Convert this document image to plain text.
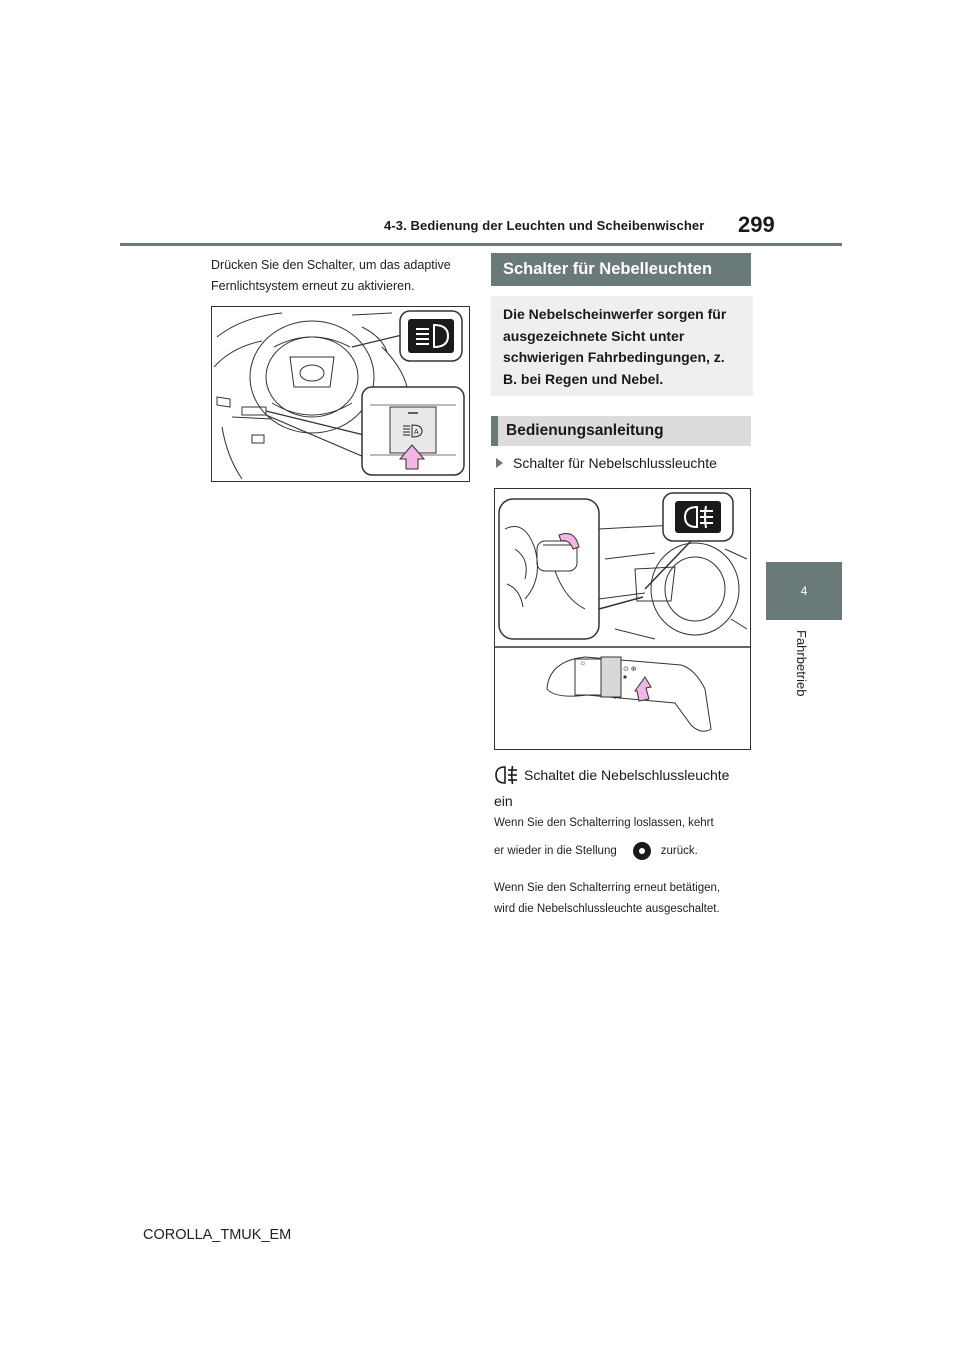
4-3. Bedienung der Leuchten und Scheibenwischer 299
4
Fahrbetrieb
Drücken Sie den Schalter, um das adaptive Fernlichtsystem erneut zu aktivieren.
A
Schalter für Nebelleuchten
Die Nebelscheinwerfer sorgen für ausgezeichnete Sicht unter schwierigen Fahrbedingungen, z. B. bei Regen und Nebel.
Bedienungsanleitung
Schalter für Nebelschlussleuchte
☼
⊙ ⊕
Schaltet die Nebelschlussleuchte
ein
Wenn Sie den Schalterring loslassen, kehrt
er wieder in die Stellung	zurück.
Wenn Sie den Schalterring erneut betätigen,
wird die Nebelschlussleuchte ausgeschaltet.
COROLLA_TMUK_EM
